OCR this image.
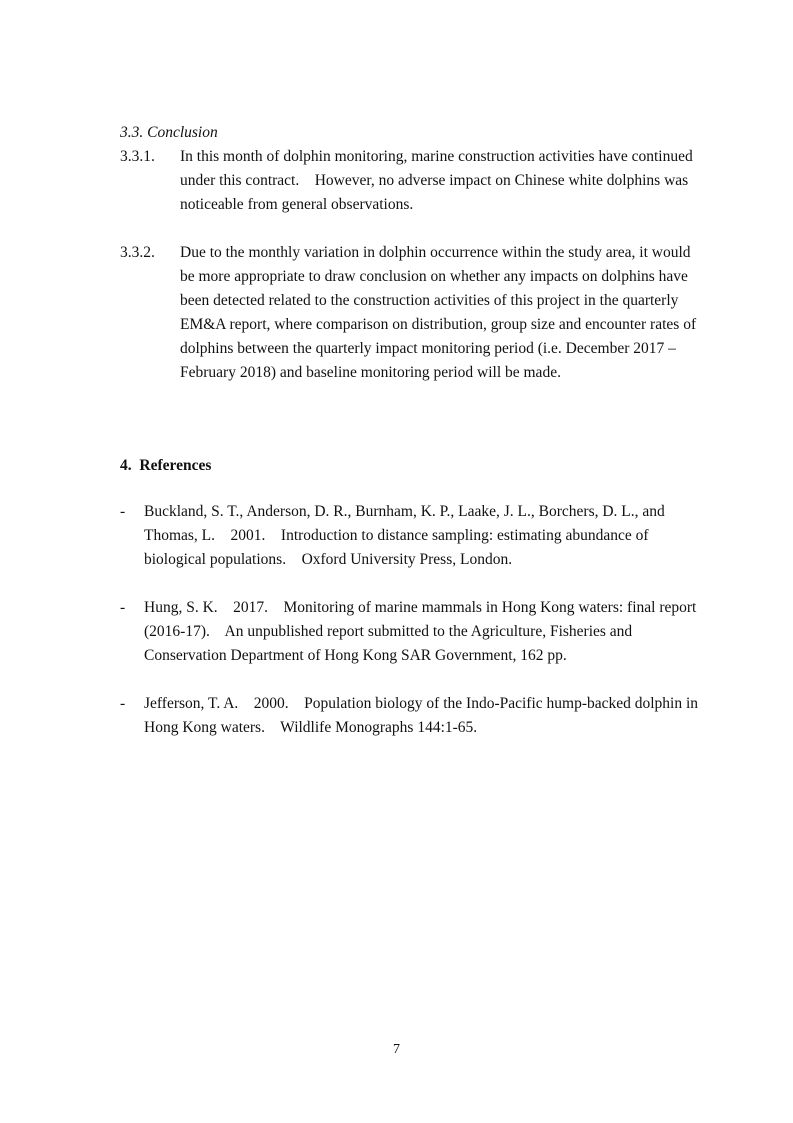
3.3. Conclusion
3.3.1. In this month of dolphin monitoring, marine construction activities have continued under this contract.    However, no adverse impact on Chinese white dolphins was noticeable from general observations.
3.3.2. Due to the monthly variation in dolphin occurrence within the study area, it would be more appropriate to draw conclusion on whether any impacts on dolphins have been detected related to the construction activities of this project in the quarterly EM&A report, where comparison on distribution, group size and encounter rates of dolphins between the quarterly impact monitoring period (i.e. December 2017 – February 2018) and baseline monitoring period will be made.
4.  References
- Buckland, S. T., Anderson, D. R., Burnham, K. P., Laake, J. L., Borchers, D. L., and Thomas, L.    2001.    Introduction to distance sampling: estimating abundance of biological populations.    Oxford University Press, London.
- Hung, S. K.    2017.    Monitoring of marine mammals in Hong Kong waters: final report (2016-17).    An unpublished report submitted to the Agriculture, Fisheries and Conservation Department of Hong Kong SAR Government, 162 pp.
- Jefferson, T. A.    2000.    Population biology of the Indo-Pacific hump-backed dolphin in Hong Kong waters.    Wildlife Monographs 144:1-65.
7
